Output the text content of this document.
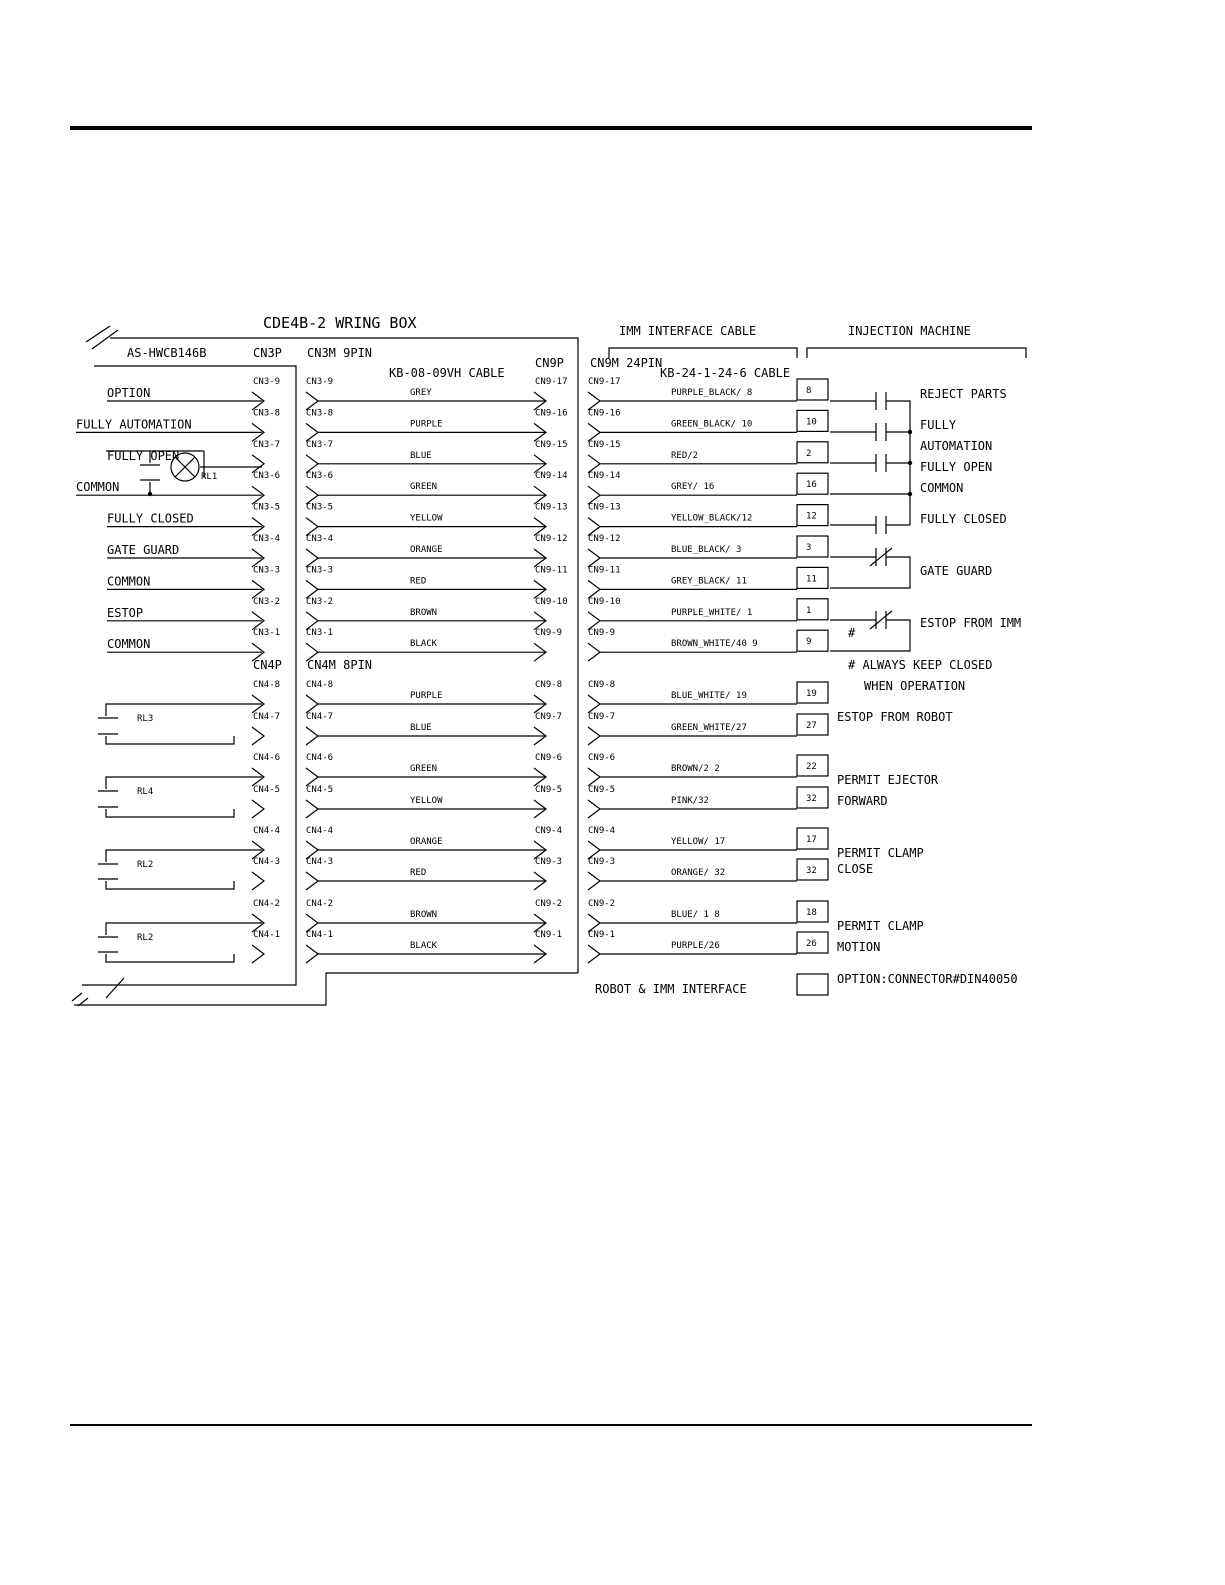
CDE4B-2 WRING BOX
AS-HWCB146B	CN3P CN3M 9PIN
KB-08-09VH CABLE
CN9P CN9M 24PIN
KB-24-1-24-6 CABLE
CN4P CN4M 8PIN
IMM INTERFACE CABLE	INJECTION MACHINE
ROBOT & IMM INTERFACE
OPTION
FULLY AUTOMATION
FULLY OPEN
COMMON
FULLY CLOSED
GATE GUARD
COMMON
ESTOP
COMMON
RL1
CN3-9	CN3-9	CN9-17 CN9-17
GREY	PURPLE_BLACK/ 8	8
CN3-8	CN3-8	CN9-16 CN9-16
PURPLE	GREEN_BLACK/ 10	10
CN3-7	CN3-7	CN9-15 CN9-15
BLUE	RED/2	2
CN3-6	CN3-6	CN9-14 CN9-14
GREEN	GREY/ 16	16
CN3-5	CN3-5	CN9-13 CN9-13
YELLOW	YELLOW_BLACK/12	12
CN3-4	CN3-4	CN9-12 CN9-12
ORANGE	BLUE_BLACK/ 3	3
CN3-3	CN3-3	CN9-11 CN9-11
RED	GREY_BLACK/ 11	11
CN3-2	CN3-2	CN9-10 CN9-10
BROWN	PURPLE_WHITE/ 1	1
CN3-1	CN3-1	CN9-9	CN9-9
BLACK	BROWN_WHITE/40 9	9
CN4-8	CN4-8	CN9-8	CN9-8
PURPLE	BLUE_WHITE/ 19	19
CN4-7	CN4-7	CN9-7	CN9-7
BLUE	GREEN_WHITE/27	27
CN4-6	CN4-6	CN9-6	CN9-6
GREEN	BROWN/2 2	22
CN4-5	CN4-5	CN9-5	CN9-5
YELLOW	PINK/32	32
CN4-4	CN4-4	CN9-4	CN9-4
ORANGE	YELLOW/ 17	17
CN4-3	CN4-3	CN9-3	CN9-3
RED	ORANGE/ 32	32
CN4-2	CN4-2	CN9-2	CN9-2
BROWN	BLUE/ 1 8	18
CN4-1	CN4-1	CN9-1	CN9-1
BLACK	PURPLE/26	26
RL3
RL4
RL2
RL2
REJECT PARTS
FULLY
AUTOMATION
FULLY OPEN
COMMON
FULLY CLOSED
GATE GUARD
ESTOP FROM IMM
#
# ALWAYS KEEP CLOSED
WHEN OPERATION
ESTOP FROM ROBOT
PERMIT EJECTOR
FORWARD
PERMIT CLAMP
CLOSE
PERMIT CLAMP
MOTION
OPTION:CONNECTOR#DIN40050
